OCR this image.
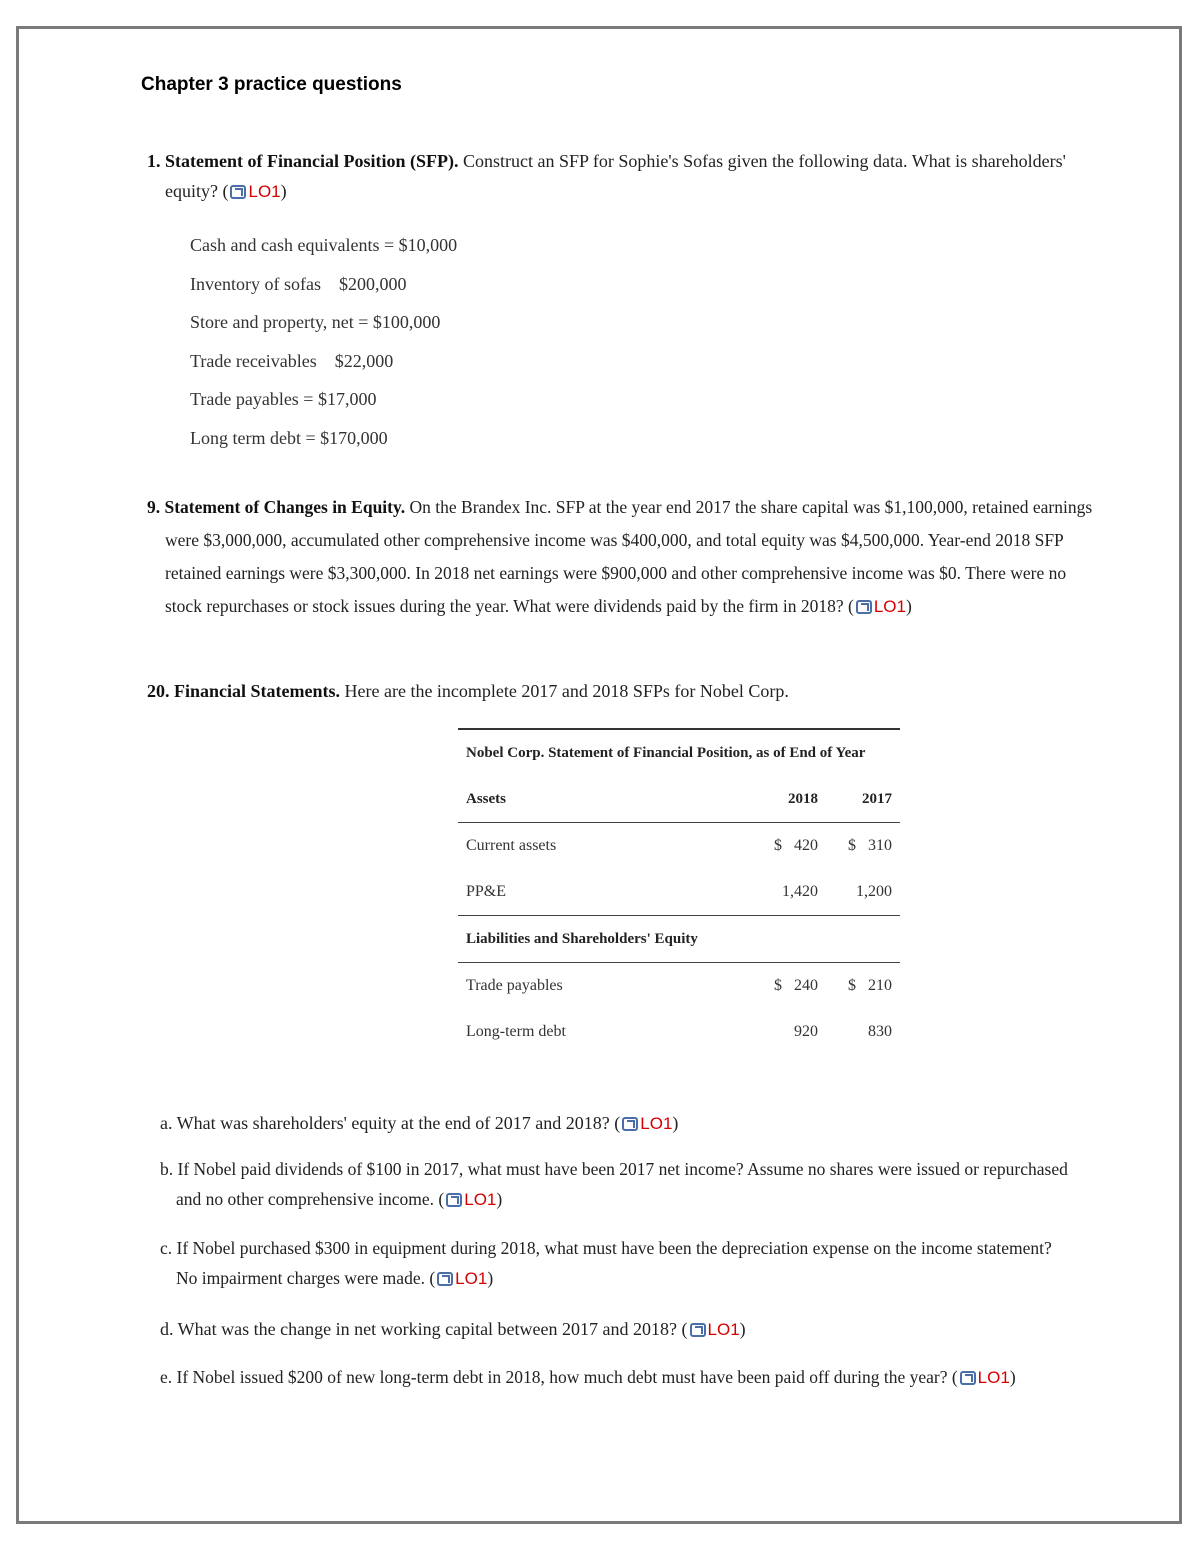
Chapter 3 practice questions
1. Statement of Financial Position (SFP). Construct an SFP for Sophie's Sofas given the following data. What is shareholders'
equity? ( LO1)
Cash and cash equivalents = $10,000
Inventory of sofas    $200,000
Store and property, net = $100,000
Trade receivables    $22,000
Trade payables = $17,000
Long term debt = $170,000
9. Statement of Changes in Equity. On the Brandex Inc. SFP at the year end 2017 the share capital was $1,100,000, retained earnings
were $3,000,000, accumulated other comprehensive income was $400,000, and total equity was $4,500,000. Year-end 2018 SFP
retained earnings were $3,300,000. In 2018 net earnings were $900,000 and other comprehensive income was $0. There were no
stock repurchases or stock issues during the year. What were dividends paid by the firm in 2018? ( LO1)
20. Financial Statements. Here are the incomplete 2017 and 2018 SFPs for Nobel Corp.
Nobel Corp. Statement of Financial Position, as of End of Year
Assets	2018	2017
Current assets	$   420 $   310
PP&E	1,420 1,200
Liabilities and Shareholders' Equity
Trade payables	$   240 $   210
Long-term debt	920	830
a. What was shareholders' equity at the end of 2017 and 2018? ( LO1)
b. If Nobel paid dividends of $100 in 2017, what must have been 2017 net income? Assume no shares were issued or repurchased
and no other comprehensive income. ( LO1)
c. If Nobel purchased $300 in equipment during 2018, what must have been the depreciation expense on the income statement?
No impairment charges were made. ( LO1)
d. What was the change in net working capital between 2017 and 2018? ( LO1)
e. If Nobel issued $200 of new long-term debt in 2018, how much debt must have been paid off during the year? ( LO1)
